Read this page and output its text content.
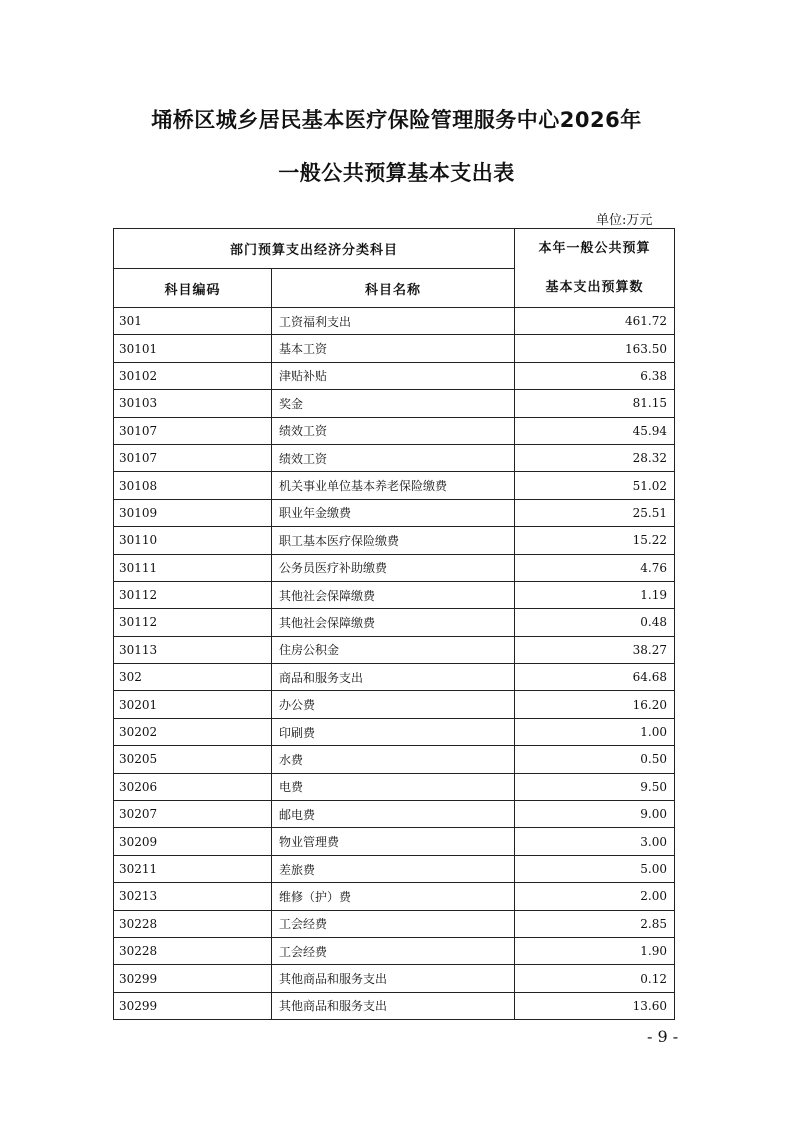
埇桥区城乡居民基本医疗保险管理服务中心2026年
一般公共预算基本支出表
单位:万元
部门预算支出经济分类科目		本年一般公共预算基本支出预算数

科目编码	科目名称	
301	工资福利支出	461.72
30101	基本工资	163.50
30102	津贴补贴	6.38
30103	奖金	81.15
30107	绩效工资	45.94
30107	绩效工资	28.32
30108	机关事业单位基本养老保险缴费	51.02
30109	职业年金缴费	25.51
30110	职工基本医疗保险缴费	15.22
30111	公务员医疗补助缴费	4.76
30112	其他社会保障缴费	1.19
30112	其他社会保障缴费	0.48
30113	住房公积金	38.27
302	商品和服务支出	64.68
30201	办公费	16.20
30202	印刷费	1.00
30205	水费	0.50
30206	电费	9.50
30207	邮电费	9.00
30209	物业管理费	3.00
30211	差旅费	5.00
30213	维修（护）费	2.00
30228	工会经费	2.85
30228	工会经费	1.90
30299	其他商品和服务支出	0.12
30299	其他商品和服务支出	13.60
- 9 -
